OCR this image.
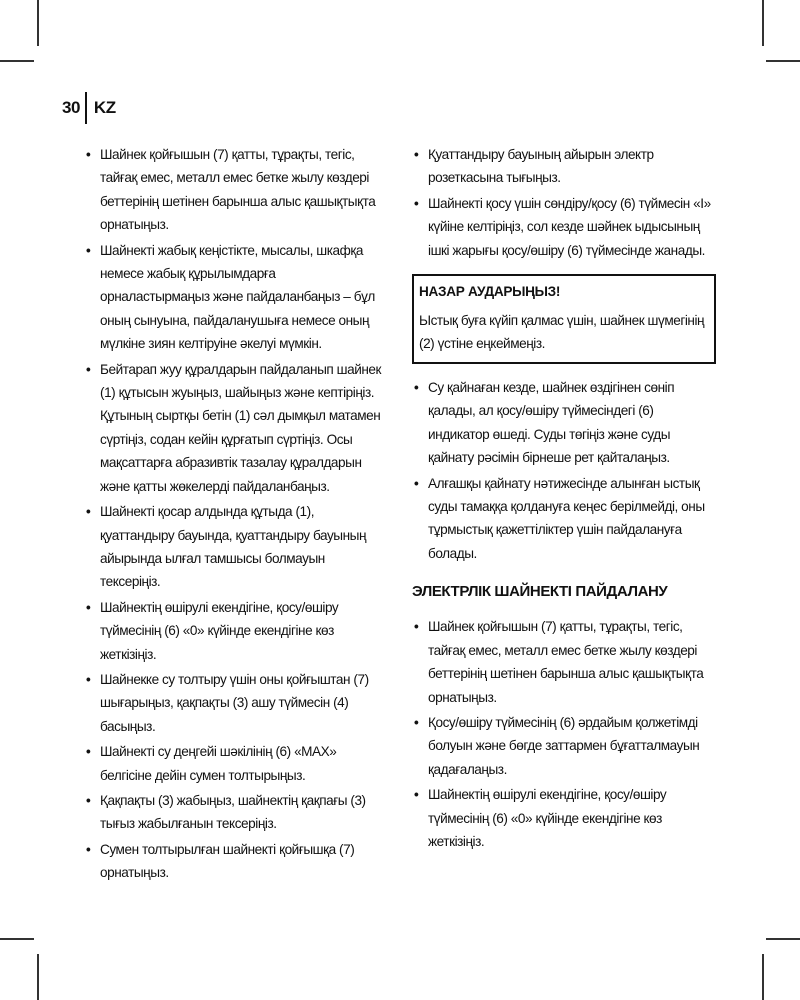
30 KZ
• Шайнек қойғышын (7) қатты, тұрақты, тегіс, тайғақ емес, металл емес бетке жылу көздері беттерінің шетінен барынша алыс қашықтықта орнатыңыз.
• Шайнекті жабық кеңістікте, мысалы, шкафқа немесе жабық құрылымдарға орналастырмаңыз және пайдаланбаңыз – бұл оның сынуына, пайдаланушыға немесе оның мүлкіне зиян келтіруіне әкелуі мүмкін.
• Бейтарап жуу құралдарын пайдаланып шайнек (1) құтысын жуыңыз, шайыңыз және кептіріңіз. Құтының сыртқы бетін (1) сәл дымқыл матамен сүртіңіз, содан кейін құрғатып сүртіңіз. Осы мақсаттарға абразивтік тазалау құралдарын және қатты жөкелерді пайдаланбаңыз.
• Шайнекті қосар алдында құтыда (1), қуаттандыру бауында, қуаттандыру бауының айырында ылғал тамшысы болмауын тексеріңіз.
• Шайнектің өшірулі екендігіне, қосу/өшіру түймесінің (6) «0» күйінде екендігіне көз жеткізіңіз.
• Шайнекке су толтыру үшін оны қойғыштан (7) шығарыңыз, қақпақты (3) ашу түймесін (4) басыңыз.
• Шайнекті су деңгейі шәкілінің (6) «MAX» белгісіне дейін сумен толтырыңыз.
• Қақпақты (3) жабыңыз, шайнектің қақпағы (3) тығыз жабылғанын тексеріңіз.
• Сумен толтырылған шайнекті қойғышқа (7) орнатыңыз.
• Қуаттандыру бауының айырын электр розеткасына тығыңыз.
• Шайнекті қосу үшін сөндіру/қосу (6) түймесін «I» күйіне келтіріңіз, сол кезде шәйнек ыдысының ішкі жарығы қосу/өшіру (6) түймесінде жанады.
НАЗАР АУДАРЫҢЫЗ!
Ыстық буға күйіп қалмас үшін, шайнек шүмегінің (2) үстіне еңкеймеңіз.
• Су қайнаған кезде, шайнек өздігінен сөніп қалады, ал қосу/өшіру түймесіндегі (6) индикатор өшеді. Суды төгіңіз және суды қайнату рәсімін бірнеше рет қайталаңыз.
• Алғашқы қайнату нәтижесінде алынған ыстық суды тамаққа қолдануға кеңес берілмейді, оны тұрмыстық қажеттіліктер үшін пайдалануға болады.
ЭЛЕКТРЛІК ШАЙНЕКТІ ПАЙДАЛАНУ
• Шайнек қойғышын (7) қатты, тұрақты, тегіс, тайғақ емес, металл емес бетке жылу көздері беттерінің шетінен барынша алыс қашықтықта орнатыңыз.
• Қосу/өшіру түймесінің (6) әрдайым қолжетімді болуын және бөгде заттармен бұғатталмауын қадағалаңыз.
• Шайнектің өшірулі екендігіне, қосу/өшіру түймесінің (6) «0» күйінде екендігіне көз жеткізіңіз.
